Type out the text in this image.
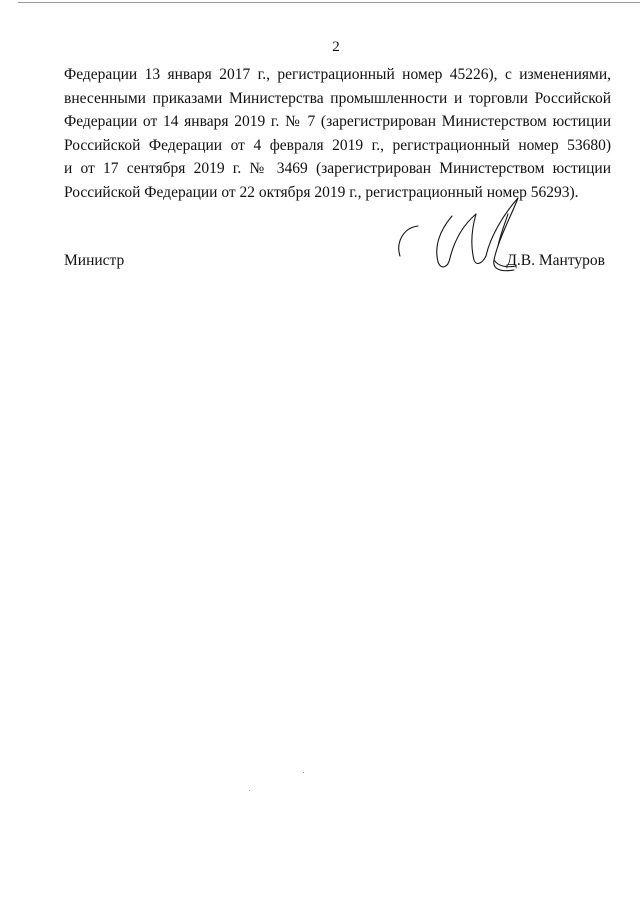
2
Федерации 13 января 2017 г., регистрационный номер 45226), с изменениями,
внесенными приказами Министерства промышленности и торговли Российской
Федерации от 14 января 2019 г. № 7 (зарегистрирован Министерством юстиции
Российской Федерации от 4 февраля 2019 г., регистрационный номер 53680)
и от 17 сентября 2019 г. № 3469 (зарегистрирован Министерством юстиции
Российской Федерации от 22 октября 2019 г., регистрационный номер 56293).
Министр	Д.В. Мантуров
